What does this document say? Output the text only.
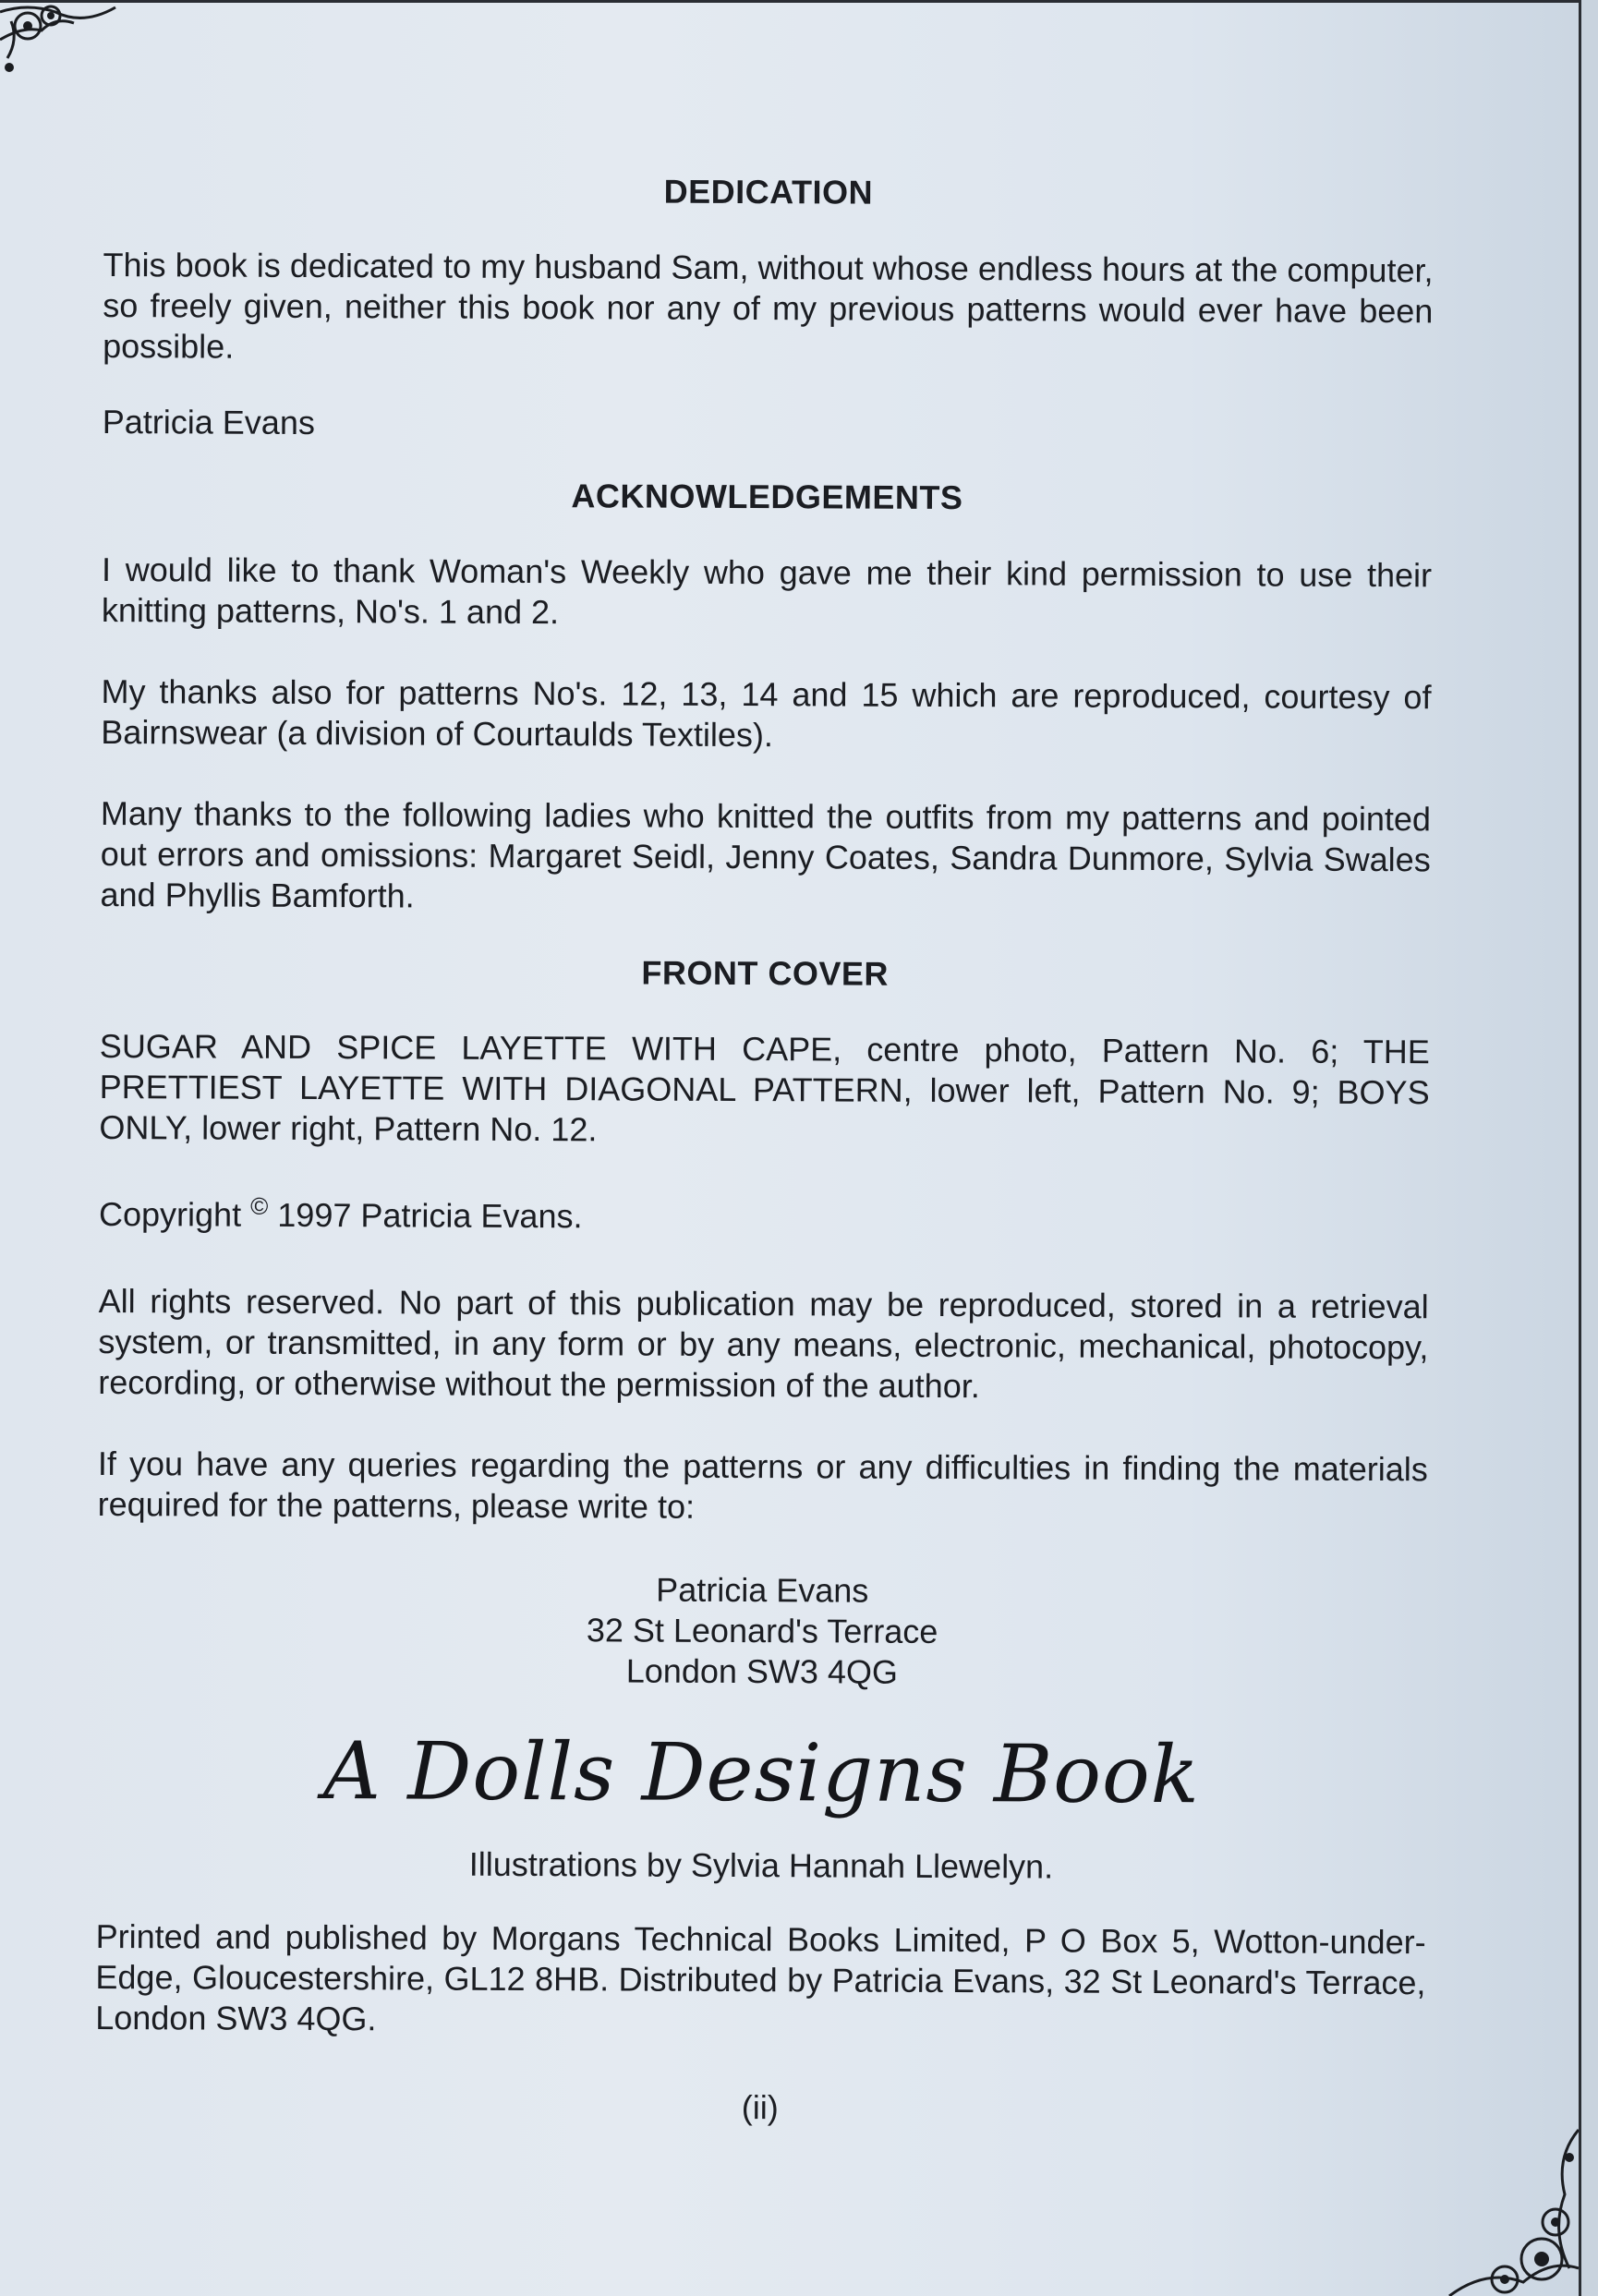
DEDICATION

This book is dedicated to my husband Sam, without whose endless hours at the computer, so freely given, neither this book nor any of my previous patterns would ever have been possible.

Patricia Evans

ACKNOWLEDGEMENTS

I would like to thank Woman's Weekly who gave me their kind permission to use their knitting patterns, No's. 1 and 2.

My thanks also for patterns No's. 12, 13, 14 and 15 which are reproduced, courtesy of Bairnswear (a division of Courtaulds Textiles).

Many thanks to the following ladies who knitted the outfits from my patterns and pointed out errors and omissions: Margaret Seidl, Jenny Coates, Sandra Dunmore, Sylvia Swales and Phyllis Bamforth.

FRONT COVER

SUGAR AND SPICE LAYETTE WITH CAPE, centre photo, Pattern No. 6; THE PRETTIEST LAYETTE WITH DIAGONAL PATTERN, lower left, Pattern No. 9; BOYS ONLY, lower right, Pattern No. 12.

Copyright © 1997 Patricia Evans.

All rights reserved. No part of this publication may be reproduced, stored in a retrieval system, or transmitted, in any form or by any means, electronic, mechanical, photocopy, recording, or otherwise without the permission of the author.

If you have any queries regarding the patterns or any difficulties in finding the materials required for the patterns, please write to:

Patricia Evans
32 St Leonard's Terrace
London SW3 4QG
A Dolls Designs Book

Illustrations by Sylvia Hannah Llewelyn.

Printed and published by Morgans Technical Books Limited, P O Box 5, Wotton-under-Edge, Gloucestershire, GL12 8HB. Distributed by Patricia Evans, 32 St Leonard's Terrace, London SW3 4QG.

(ii)
